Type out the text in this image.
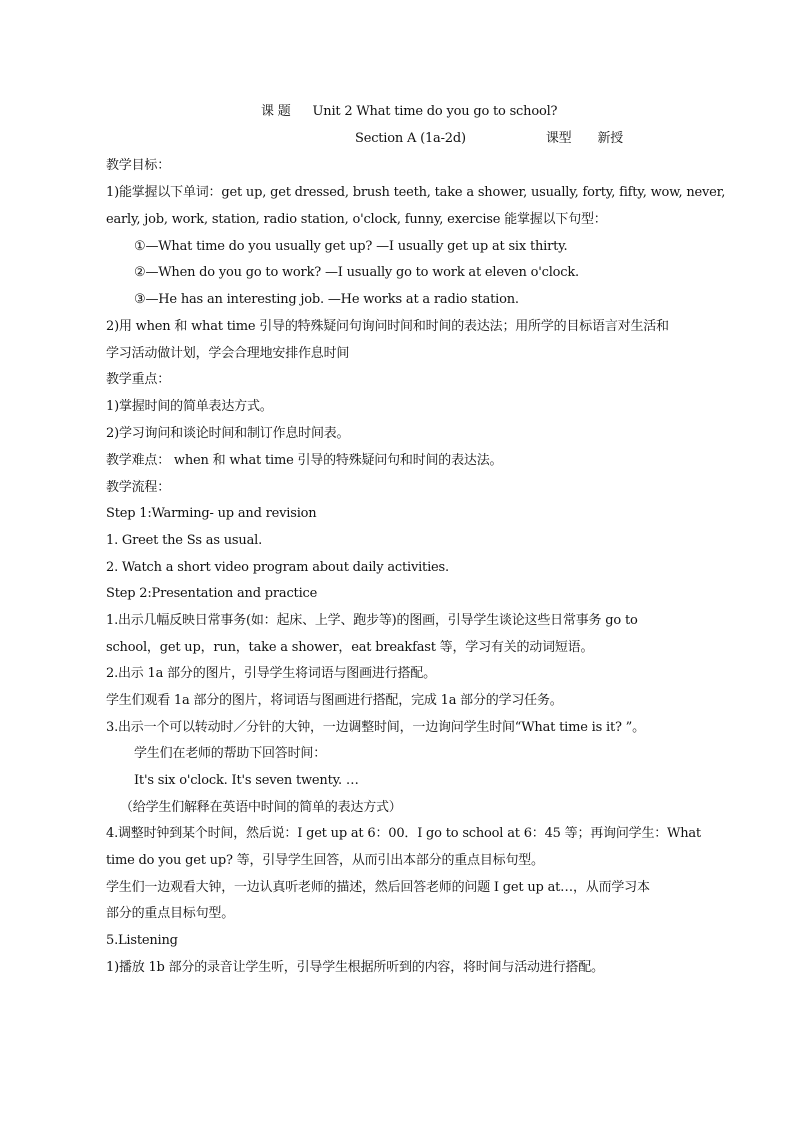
课 题 Unit 2 What time do you go to school?
Section A (1a-2d)	课型 新授
教学目标：
1)能掌握以下单词：get up, get dressed, brush teeth, take a shower, usually, forty, fifty, wow, never,
early, job, work, station, radio station, o'clock, funny, exercise 能掌握以下句型：
①—What time do you usually get up? —I usually get up at six thirty.
②—When do you go to work? —I usually go to work at eleven o'clock.
③—He has an interesting job. —He works at a radio station.
2)用 when 和 what time 引导的特殊疑问句询问时间和时间的表达法；用所学的目标语言对生活和
学习活动做计划，学会合理地安排作息时间
教学重点：
1)掌握时间的简单表达方式。
2)学习询问和谈论时间和制订作息时间表。
教学难点： when 和 what time 引导的特殊疑问句和时间的表达法。
教学流程：
Step 1:Warming- up and revision
1. Greet the Ss as usual.
2. Watch a short video program about daily activities.
Step 2:Presentation and practice
1.出示几幅反映日常事务(如：起床、上学、跑步等)的图画，引导学生谈论这些日常事务 go to
school，get up，run，take a shower，eat breakfast 等，学习有关的动词短语。
2.出示 1a 部分的图片，引导学生将词语与图画进行搭配。
学生们观看 1a 部分的图片，将词语与图画进行搭配，完成 1a 部分的学习任务。
3.出示一个可以转动时／分针的大钟，一边调整时间，一边询问学生时间“What time is it? ”。
学生们在老师的帮助下回答时间：
It's six o'clock. It's seven twenty. …
（给学生们解释在英语中时间的简单的表达方式）
4.调整时钟到某个时间，然后说：I get up at 6：00．I go to school at 6：45 等；再询问学生：What
time do you get up? 等，引导学生回答，从而引出本部分的重点目标句型。
学生们一边观看大钟，一边认真听老师的描述，然后回答老师的问题 I get up at…，从而学习本
部分的重点目标句型。
5.Listening
1)播放 1b 部分的录音让学生听，引导学生根据所听到的内容，将时间与活动进行搭配。
